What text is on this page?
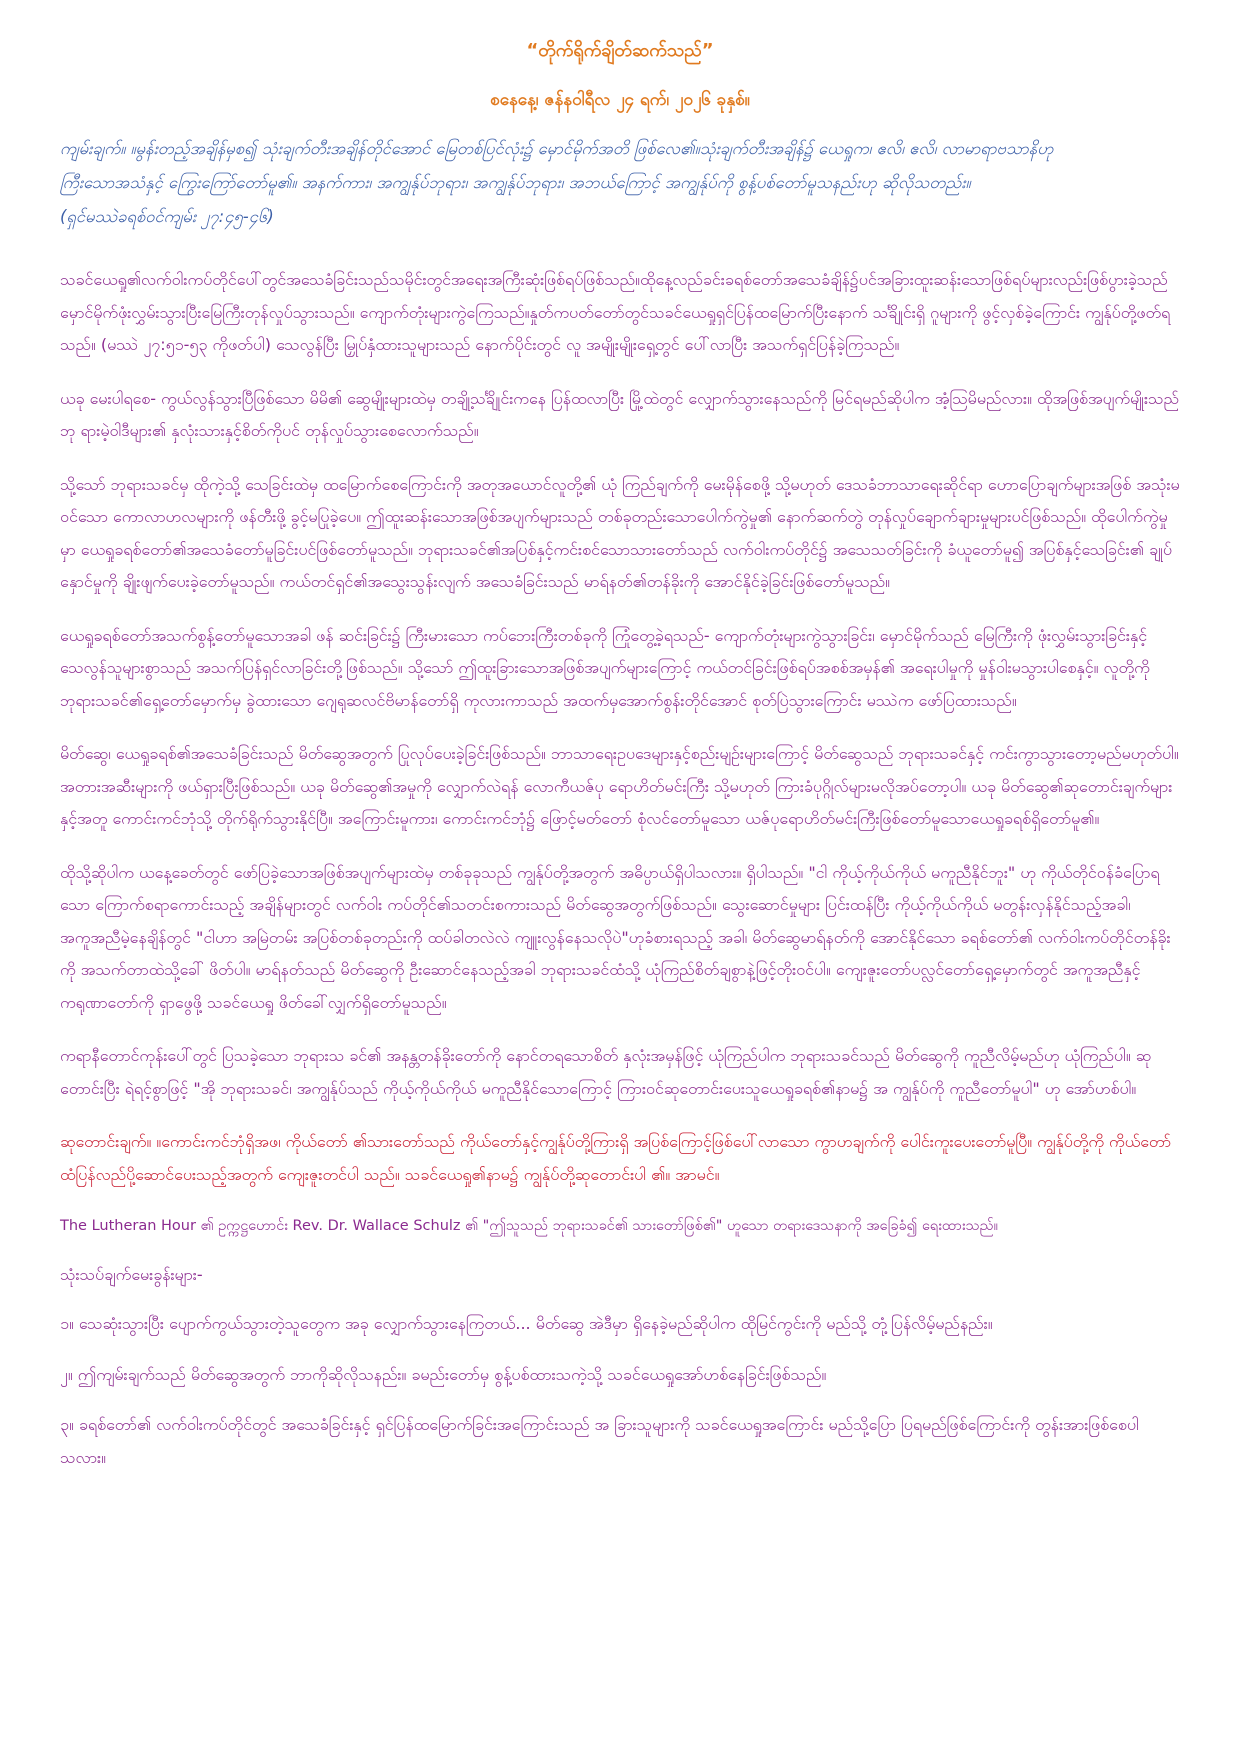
“တိုက်ရိုက်ချိတ်ဆက်သည်”
စနေနေ့၊ ဇန်နဝါရီလ ၂၄ ရက်၊ ၂၀၂၆ ခုနှစ်။
ကျမ်းချက်။ ။မွန်းတည့်အချိန်မှစ၍ သုံးချက်တီးအချိန်တိုင်အောင် မြေတစ်ပြင်လုံး၌ မှောင်မိုက်အတိ ဖြစ်လေ၏။သုံးချက်တီးအချိန်၌ ယေရှုက၊ ဧလိ၊ ဧလိ၊ လာမာရာဗသာနိဟု
ကြီးသောအသံနှင့် ကြွေးကြော်တော်မူ၏။ အနက်ကား၊ အကျွန်ုပ်ဘုရား၊ အကျွန်ုပ်ဘုရား၊ အဘယ်ကြောင့် အကျွန်ုပ်ကို စွန့်ပစ်တော်မူသနည်းဟု ဆိုလိုသတည်း။
(ရှင်မဿဲခရစ်ဝင်ကျမ်း ၂၇:၄၅-၄၆)

သခင်ယေရှု၏လက်ဝါးကပ်တိုင်ပေါ်တွင်အသေခံခြင်းသည်သမိုင်းတွင်အရေးအကြီးဆုံးဖြစ်ရပ်ဖြစ်သည်။ထိုနေ့လည်ခင်းခရစ်တော်အသေခံချိန်၌ပင်အခြားထူးဆန်းသောဖြစ်ရပ်များလည်းဖြစ်ပွားခဲ့သည်မှောင်မိုက်ဖုံးလွှမ်းသွားပြီးမြေကြီးတုန်လှုပ်သွားသည်။ ကျောက်တုံးများကွဲကြေသည်။နှုတ်ကပတ်တော်တွင်သခင်ယေရှုရှင်ပြန်ထမြောက်ပြီးနောက် သင်္ချိုင်းရှိ ဂူများကို ဖွင့်လှစ်ခဲ့ကြောင်း ကျွန်ုပ်တို့ဖတ်ရသည်။ (မဿဲ ၂၇:၅၁-၅၃ ကိုဖတ်ပါ) သေလွန်ပြီး မြှုပ်နှံထားသူများသည် နောက်ပိုင်းတွင် လူ အမျိုးမျိုးရှေ့တွင် ပေါ်လာပြီး အသက်ရှင်ပြန်ခဲ့ကြသည်။

ယခု မေးပါရစေ- ကွယ်လွန်သွားပြီဖြစ်သော မိမိ၏ ဆွေမျိုးများထဲမှ တချို့သင်္ချိုင်းကနေ ပြန်ထလာပြီး မြို့ထဲတွင် လျှောက်သွားနေသည်ကို မြင်ရမည်ဆိုပါက အံ့သြမိမည်လား။ ထိုအဖြစ်အပျက်မျိုးသည် ဘု ရားမဲ့ဝါဒီများ၏ နှလုံးသားနှင့်စိတ်ကိုပင် တုန်လှုပ်သွားစေလောက်သည်။

သို့သော် ဘုရားသခင်မှ ထိုကဲ့သို့ သေခြင်းထဲမှ ထမြောက်စေကြောင်းကို အတုအယောင်လူတို့၏ ယုံ ကြည်ချက်ကို မေးမိုန်စေဖို့ သို့မဟုတ် ဒေသခံဘာသာရေးဆိုင်ရာ ဟောပြောချက်များအဖြစ် အသုံးမဝင်သော ကောလာဟလများကို ဖန်တီးဖို့ ခွင့်မပြုခဲ့ပေ။ ဤထူးဆန်းသောအဖြစ်အပျက်များသည် တစ်ခုတည်းသောပေါက်ကွဲမှု၏ နောက်ဆက်တွဲ တုန်လှုပ်ချောက်ချားမှုများပင်ဖြစ်သည်။ ထိုပေါက်ကွဲမှုမှာ ယေရှုခရစ်တော်၏အသေခံတော်မူခြင်းပင်ဖြစ်တော်မူသည်။ ဘုရားသခင်၏အပြစ်နှင့်ကင်းစင်သောသားတော်သည် လက်ဝါးကပ်တိုင်၌ အသေသတ်ခြင်းကို ခံယူတော်မူ၍ အပြစ်နှင့်သေခြင်း၏ ချုပ်နှောင်မှုကို ချိုးဖျက်ပေးခဲ့တော်မူသည်။ ကယ်တင်ရှင်၏အသွေးသွန်းလျက် အသေခံခြင်းသည် မာရ်နတ်၏တန်ခိုးကို အောင်နိုင်ခဲ့ခြင်းဖြစ်တော်မူသည်။

ယေရှုခရစ်တော်အသက်စွန့်တော်မူသောအခါ ဖန် ဆင်းခြင်း၌ ကြီးမားသော ကပ်ဘေးကြီးတစ်ခုကို ကြုံတွေ့ခဲ့ရသည်- ကျောက်တုံးများကွဲသွားခြင်း၊ မှောင်မိုက်သည် မြေကြီးကို ဖုံးလွှမ်းသွားခြင်းနှင့် သေလွန်သူများစွာသည် အသက်ပြန်ရှင်လာခြင်းတို့ဖြစ်သည်။ သို့သော် ဤထူးခြားသောအဖြစ်အပျက်များကြောင့် ကယ်တင်ခြင်းဖြစ်ရပ်အစစ်အမှန်၏ အရေးပါမှုကို မှုန်ဝါးမသွားပါစေနှင့်။ လူတို့ကို ဘုရားသခင်၏ရှေ့တော်မှောက်မှ ခွဲထားသော ဂျေရုဆလင်ဗိမာန်တော်ရှိ ကုလားကာသည် အထက်မှအောက်စွန်းတိုင်အောင် စုတ်ပြဲသွားကြောင်း မဿဲက ဖော်ပြထားသည်။

မိတ်ဆွေ၊ ယေရှုခရစ်၏အသေခံခြင်းသည် မိတ်ဆွေအတွက် ပြုလုပ်ပေးခဲ့ခြင်းဖြစ်သည်။ ဘာသာရေးဥပဒေများနှင့်စည်းမျဉ်းများကြောင့် မိတ်ဆွေသည် ဘုရားသခင်နှင့် ကင်းကွာသွားတော့မည်မဟုတ်ပါ။ အတားအဆီးများကို ဖယ်ရှားပြီးဖြစ်သည်။ ယခု မိတ်ဆွေ၏အမှုကို လျှောက်လဲရန် လောကီယဇ်ပု ရောဟိတ်မင်းကြီး သို့မဟုတ် ကြားခံပုဂ္ဂိုလ်များမလိုအပ်တော့ပါ။ ယခု မိတ်ဆွေ၏ဆုတောင်းချက်များနှင့်အတူ ကောင်းကင်ဘုံသို့ တိုက်ရိုက်သွားနိုင်ပြီ။ အကြောင်းမူကား၊ ကောင်းကင်ဘုံ၌ ဖြောင့်မတ်တော် စုံလင်တော်မူသော ယဇ်ပုရောဟိတ်မင်းကြီးဖြစ်တော်မူသောယေရှုခရစ်ရှိတော်မူ၏။

ထိုသို့ဆိုပါက ယနေ့ခေတ်တွင် ဖော်ပြခဲ့သောအဖြစ်အပျက်များထဲမှ တစ်ခုခုသည် ကျွန်ုပ်တို့အတွက် အဓိပ္ပာယ်ရှိပါသလား။ ရှိပါသည်။ "ငါ ကိုယ့်ကိုယ်ကိုယ် မကူညီနိုင်ဘူး" ဟု ကိုယ်တိုင်ဝန်ခံပြောရသော ကြောက်စရာကောင်းသည့် အချိန်များတွင် လက်ဝါး ကပ်တိုင်၏သတင်းစကားသည် မိတ်ဆွေအတွက်ဖြစ်သည်။ သွေးဆောင်မှုများ ပြင်းထန်ပြီး ကိုယ့်ကိုယ်ကိုယ် မတွန်းလှန်နိုင်သည့်အခါ၊ အကူအညီမဲ့နေချိန်တွင် "ငါဟာ အမြဲတမ်း အပြစ်တစ်ခုတည်းကို ထပ်ခါတလဲလဲ ကျူးလွန်နေသလိုပဲ"ဟုခံစားရသည့် အခါ၊ မိတ်ဆွေမာရ်နတ်ကို အောင်နိုင်သော ခရစ်တော်၏ လက်ဝါးကပ်တိုင်တန်ခိုးကို အသက်တာထဲသို့ခေါ် ဖိတ်ပါ။ မာရ်နတ်သည် မိတ်ဆွေကို ဦးဆောင်နေသည့်အခါ ဘုရားသခင်ထံသို့ ယုံကြည်စိတ်ချစွာနဲ့ဖြင့်တိုးဝင်ပါ။ ကျေးဇူးတော်ပလ္လင်တော်ရှေ့မှောက်တွင် အကူအညီနှင့် ကရုဏာတော်ကို ရှာဖွေဖို့ သခင်ယေရှု ဖိတ်ခေါ်လျှက်ရှိတော်မူသည်။

ကရာနီတောင်ကုန်းပေါ်တွင် ပြသခဲ့သော ဘုရားသ ခင်၏ အနန္တတန်ခိုးတော်ကို နောင်တရသောစိတ် နှလုံးအမှန်ဖြင့် ယုံကြည်ပါက ဘုရားသခင်သည် မိတ်ဆွေကို ကူညီလိမ့်မည်ဟု ယုံကြည်ပါ။ ဆု တောင်းပြီး ရဲရင့်စွာဖြင့် "အို ဘုရားသခင်၊ အကျွန်ုပ်သည် ကိုယ့်ကိုယ်ကိုယ် မကူညီနိုင်သောကြောင့် ကြားဝင်ဆုတောင်းပေးသူယေရှုခရစ်၏နာမ၌ အ ကျွန်ုပ်ကို ကူညီတော်မူပါ" ဟု အော်ဟစ်ပါ။

ဆုတောင်းချက်။ ။ကောင်းကင်ဘုံရှိအဖ၊ ကိုယ်တော် ၏သားတော်သည် ကိုယ်တော်နှင့်ကျွန်ုပ်တို့ကြားရှိ အပြစ်ကြောင့်ဖြစ်ပေါ်လာသော ကွာဟချက်ကို ပေါင်းကူးပေးတော်မူပြီ။ ကျွန်ုပ်တို့ကို ကိုယ်တော်ထံပြန်လည်ပို့ဆောင်ပေးသည့်အတွက် ကျေးဇူးတင်ပါ သည်။ သခင်ယေရှု၏နာမ၌ ကျွန်ုပ်တို့ဆုတောင်းပါ ၏။ အာမင်။

The Lutheran Hour ၏ ဥက္ကဋ္ဌဟောင်း Rev. Dr. Wallace Schulz ၏ "ဤသူသည် ဘုရားသခင်၏ သားတော်ဖြစ်၏" ဟူသော တရားဒေသနာကို အခြေခံ၍ ရေးထားသည်။

သုံးသပ်ချက်မေးခွန်းများ-

၁။ သေဆုံးသွားပြီး ပျောက်ကွယ်သွားတဲ့သူတွေက အခု လျှောက်သွားနေကြတယ်... မိတ်ဆွေ အဲဒီမှာ ရှိနေခဲ့မည်ဆိုပါက ထိုမြင်ကွင်းကို မည်သို့ တုံ့ပြန်လိမ့်မည်နည်း။

၂။ ဤကျမ်းချက်သည် မိတ်ဆွေအတွက် ဘာကိုဆိုလိုသနည်း။ ခမည်းတော်မှ စွန့်ပစ်ထားသကဲ့သို့ သခင်ယေရှုအော်ဟစ်နေခြင်းဖြစ်သည်။

၃။ ခရစ်တော်၏ လက်ဝါးကပ်တိုင်တွင် အသေခံခြင်းနှင့် ရှင်ပြန်ထမြောက်ခြင်းအကြောင်းသည် အ ခြားသူများကို သခင်ယေရှုအကြောင်း မည်သို့ပြော ပြရမည်ဖြစ်ကြောင်းကို တွန်းအားဖြစ်စေပါသလား။
